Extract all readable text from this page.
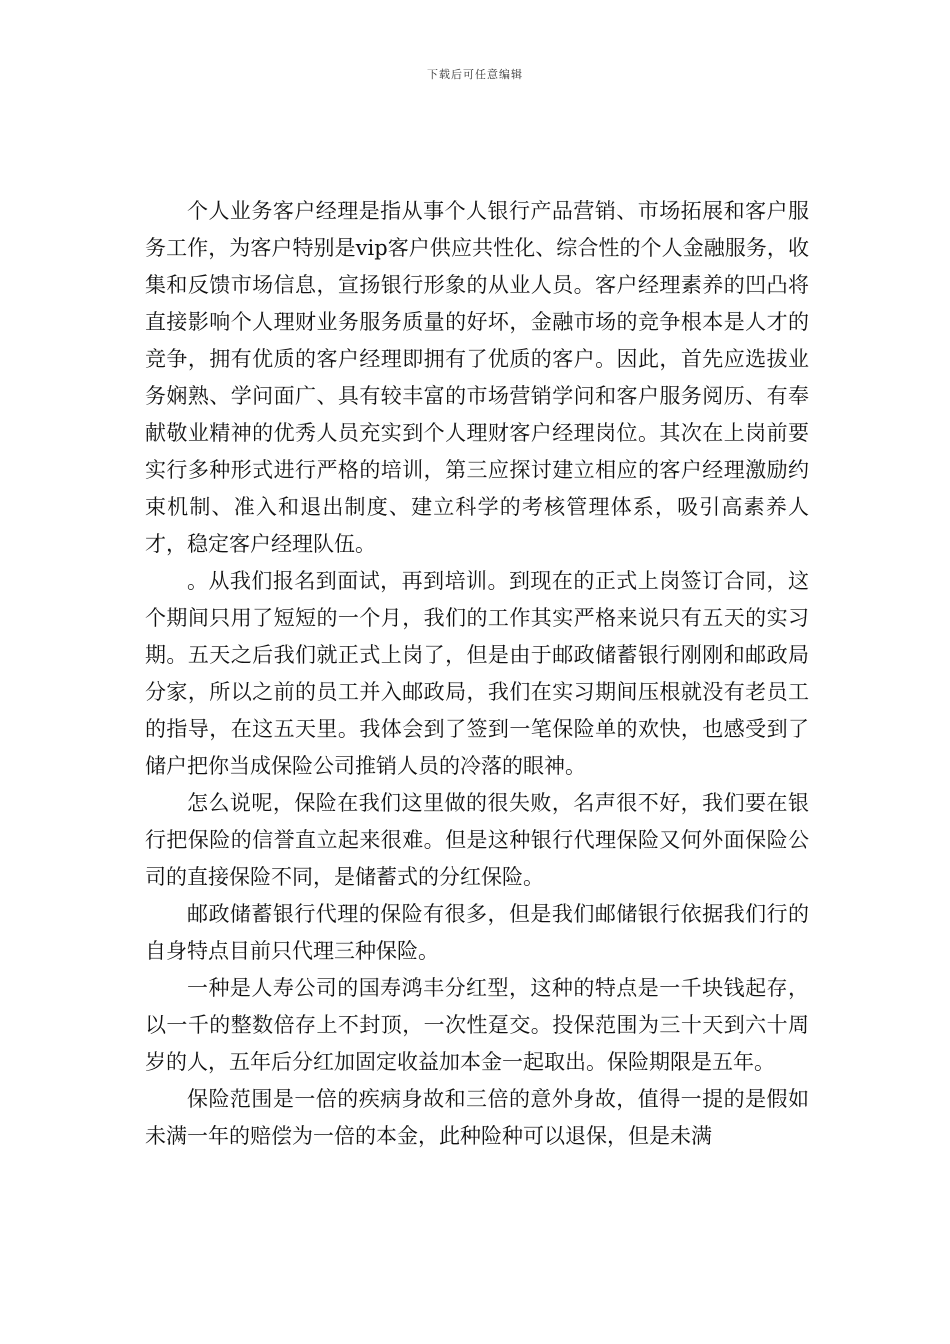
下载后可任意编辑

个人业务客户经理是指从事个人银行产品营销、市场拓展和客户服务工作，为客户特别是vip客户供应共性化、综合性的个人金融服务，收集和反馈市场信息，宣扬银行形象的从业人员。客户经理素养的凹凸将直接影响个人理财业务服务质量的好坏，金融市场的竞争根本是人才的竞争，拥有优质的客户经理即拥有了优质的客户。因此，首先应选拔业务娴熟、学问面广、具有较丰富的市场营销学问和客户服务阅历、有奉献敬业精神的优秀人员充实到个人理财客户经理岗位。其次在上岗前要实行多种形式进行严格的培训，第三应探讨建立相应的客户经理激励约束机制、准入和退出制度、建立科学的考核管理体系，吸引高素养人才，稳定客户经理队伍。

。从我们报名到面试，再到培训。到现在的正式上岗签订合同，这个期间只用了短短的一个月，我们的工作其实严格来说只有五天的实习期。五天之后我们就正式上岗了，但是由于邮政储蓄银行刚刚和邮政局分家，所以之前的员工并入邮政局，我们在实习期间压根就没有老员工的指导，在这五天里。我体会到了签到一笔保险单的欢快，也感受到了储户把你当成保险公司推销人员的冷落的眼神。

怎么说呢，保险在我们这里做的很失败，名声很不好，我们要在银行把保险的信誉直立起来很难。但是这种银行代理保险又何外面保险公司的直接保险不同，是储蓄式的分红保险。

邮政储蓄银行代理的保险有很多，但是我们邮储银行依据我们行的自身特点目前只代理三种保险。

一种是人寿公司的国寿鸿丰分红型，这种的特点是一千块钱起存，以一千的整数倍存上不封顶，一次性趸交。投保范围为三十天到六十周岁的人，五年后分红加固定收益加本金一起取出。保险期限是五年。

保险范围是一倍的疾病身故和三倍的意外身故，值得一提的是假如未满一年的赔偿为一倍的本金，此种险种可以退保，但是未满
